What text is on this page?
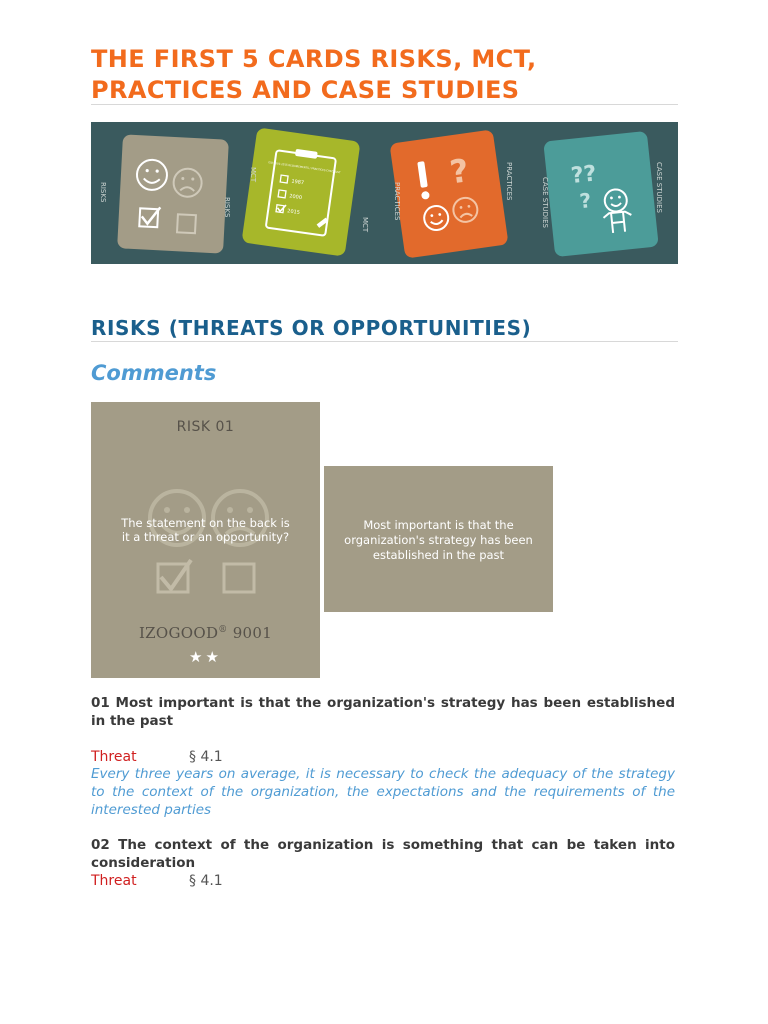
THE FIRST 5 CARDS RISKS, MCT, PRACTICES AND CASE STUDIES
RISKS
RISKS
ISO 9001:2015 REQUIREMENTS / PRACTICES CHECKLIST
1987
2000
2015
MCT
MCT
?
PRACTICES
PRACTICES	??
?
CASE STUDIES	CASE STUDIES
RISKS (THREATS OR OPPORTUNITIES)
Comments
RISK 01
The statement on the back is it a threat or an opportunity?
IZOGOOD® 9001
★★
Most important is that the organization's strategy has been established in the past
01 Most important is that the organization's strategy has been established in the past
Threat	§ 4.1
Every three years on average, it is necessary to check the adequacy of the strategy to the context of the organization, the expectations and the requirements of the interested parties
02 The context of the organization is something that can be taken into consideration
Threat	§ 4.1
